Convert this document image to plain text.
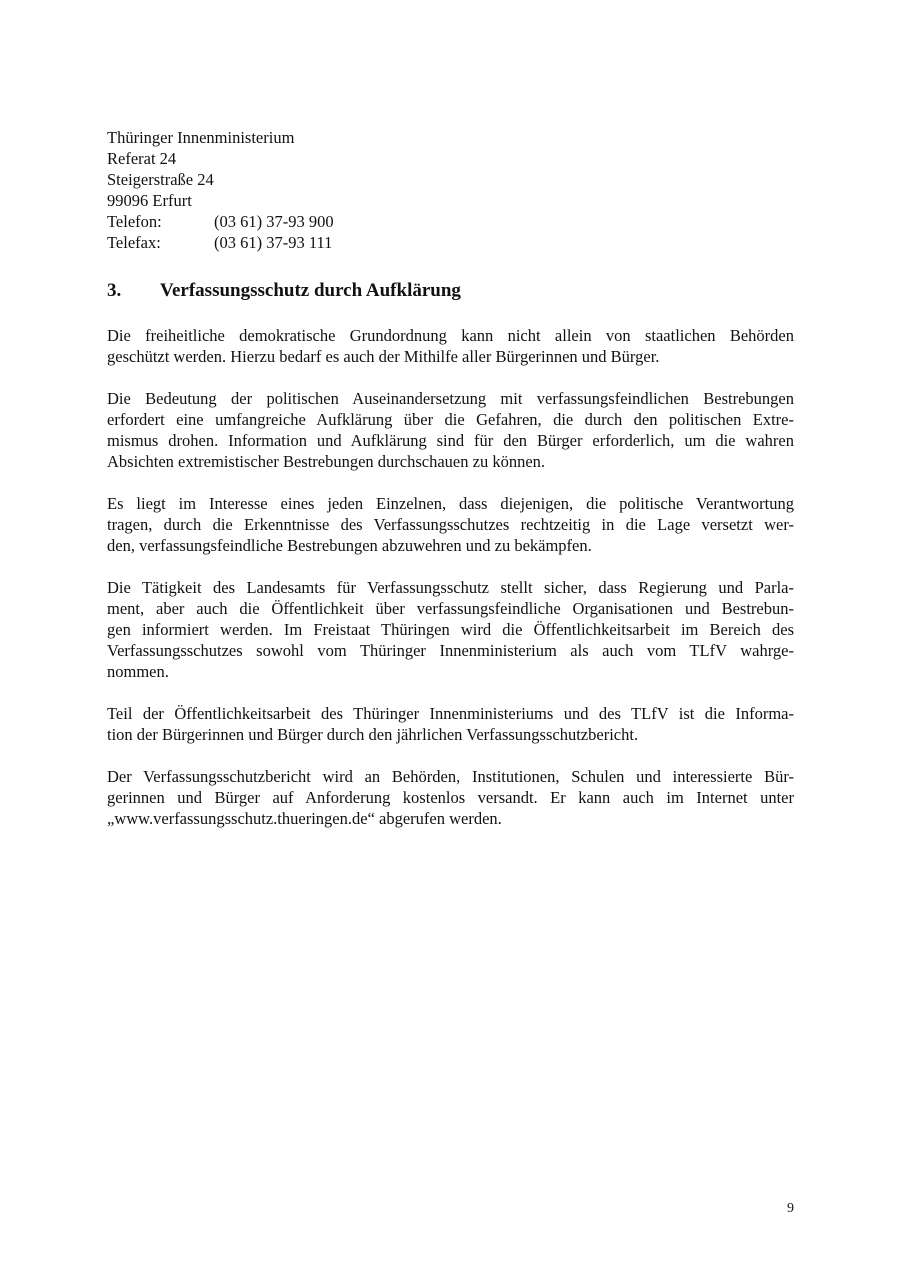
Thüringer Innenministerium
Referat 24
Steigerstraße 24
99096 Erfurt
Telefon:	(03 61) 37-93 900
Telefax:	(03 61) 37-93 111
3.	Verfassungsschutz durch Aufklärung

Die freiheitliche demokratische Grundordnung kann nicht allein von staatlichen Behörden
geschützt werden. Hierzu bedarf es auch der Mithilfe aller Bürgerinnen und Bürger.

Die Bedeutung der politischen Auseinandersetzung mit verfassungsfeindlichen Bestrebungen
erfordert eine umfangreiche Aufklärung über die Gefahren, die durch den politischen Extre-
mismus drohen. Information und Aufklärung sind für den Bürger erforderlich, um die wahren
Absichten extremistischer Bestrebungen durchschauen zu können.

Es liegt im Interesse eines jeden Einzelnen, dass diejenigen, die politische Verantwortung
tragen, durch die Erkenntnisse des Verfassungsschutzes rechtzeitig in die Lage versetzt wer-
den, verfassungsfeindliche Bestrebungen abzuwehren und zu bekämpfen.

Die Tätigkeit des Landesamts für Verfassungsschutz stellt sicher, dass Regierung und Parla-
ment, aber auch die Öffentlichkeit über verfassungsfeindliche Organisationen und Bestrebun-
gen informiert werden. Im Freistaat Thüringen wird die Öffentlichkeitsarbeit im Bereich des
Verfassungsschutzes sowohl vom Thüringer Innenministerium als auch vom TLfV wahrge-
nommen.

Teil der Öffentlichkeitsarbeit des Thüringer Innenministeriums und des TLfV ist die Informa-
tion der Bürgerinnen und Bürger durch den jährlichen Verfassungsschutzbericht.

Der Verfassungsschutzbericht wird an Behörden, Institutionen, Schulen und interessierte Bür-
gerinnen und Bürger auf Anforderung kostenlos versandt. Er kann auch im Internet unter
„www.verfassungsschutz.thueringen.de“ abgerufen werden.

9
